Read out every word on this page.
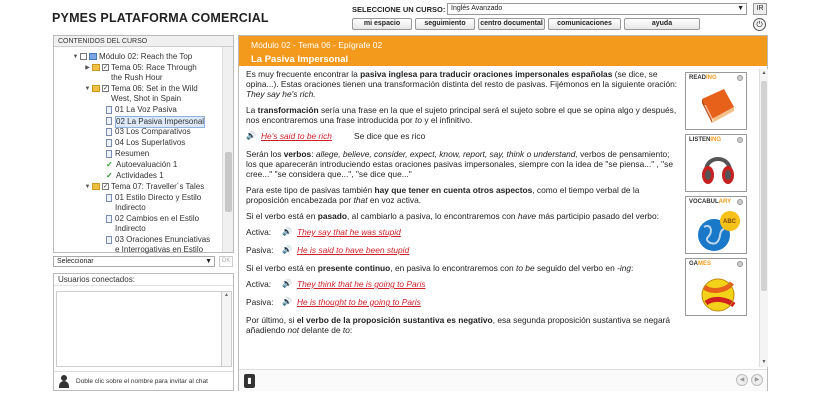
PYMES PLATAFORMA COMERCIAL
SELECCIONE UN CURSO: Inglés Avanzado	▼	IR
mi espacio	seguimiento	centro documental	comunicaciones	ayuda	⏻
CONTENIDOS DEL CURSO
▼	Módulo 02: Reach the Top
▶ ✓ Tema 05: Race Through the Rush Hour
▼ ✓ Tema 06: Set in the Wild West, Shot in Spain
01 La Voz Pasiva
02 La Pasiva Impersonal
03 Los Comparativos
04 Los Superlativos
Resumen
✓ Autoevaluación 1
✓ Actividades 1
▼ ✓ Tema 07: Traveller´s Tales
01 Estilo Directo y Estilo Indirecto
02 Cambios en el Estilo Indirecto
03 Oraciones Enunciativas e Interrogativas en Estilo
Seleccionar	▼	OK
Usuarios conectados:
▲
Doble clic sobre el nombre para invitar al chat
Módulo 02 - Tema 06 - Epígrafe 02
La Pasiva Impersonal

Es muy frecuente encontrar la pasiva inglesa para traducir oraciones impersonales españolas (se dice, se opina...). Estas oraciones tienen una transformación distinta del resto de pasivas. Fijémonos en la siguiente oración: They say he's rich.

La transformación sería una frase en la que el sujeto principal será el sujeto sobre el que se opina algo y después, nos encontraremos una frase introducida por to y el infinitivo.

🔊 He's said to be rich	Se dice que es rico

Serán los verbos: allege, believe, consider, expect, know, report, say, think o understand, verbos de pensamiento; los que aparecerán introduciendo estas oraciones pasivas impersonales, siempre con la idea de "se piensa..." , "se cree..." "se considera que...", "se dice que..."

Para este tipo de pasivas también hay que tener en cuenta otros aspectos, como el tiempo verbal de la proposición encabezada por that en voz activa.

Si el verbo está en pasado, al cambiarlo a pasiva, lo encontraremos con have más participio pasado del verbo:

Activa:	🔊 They say that he was stupid
Pasiva:	🔊 He is said to have been stupid

Si el verbo está en presente continuo, en pasiva lo encontraremos con to be seguido del verbo en -ing:

Activa:	🔊 They think that he is going to Paris
Pasiva:	🔊 He is thought to be going to Paris

Por último, si el verbo de la proposición sustantiva es negativo, esa segunda proposición sustantiva se negará añadiendo not delante de to:

READING
LISTENING
VOCABULARY
ABC
GAMES
▲
▼
▮	◀	▶
